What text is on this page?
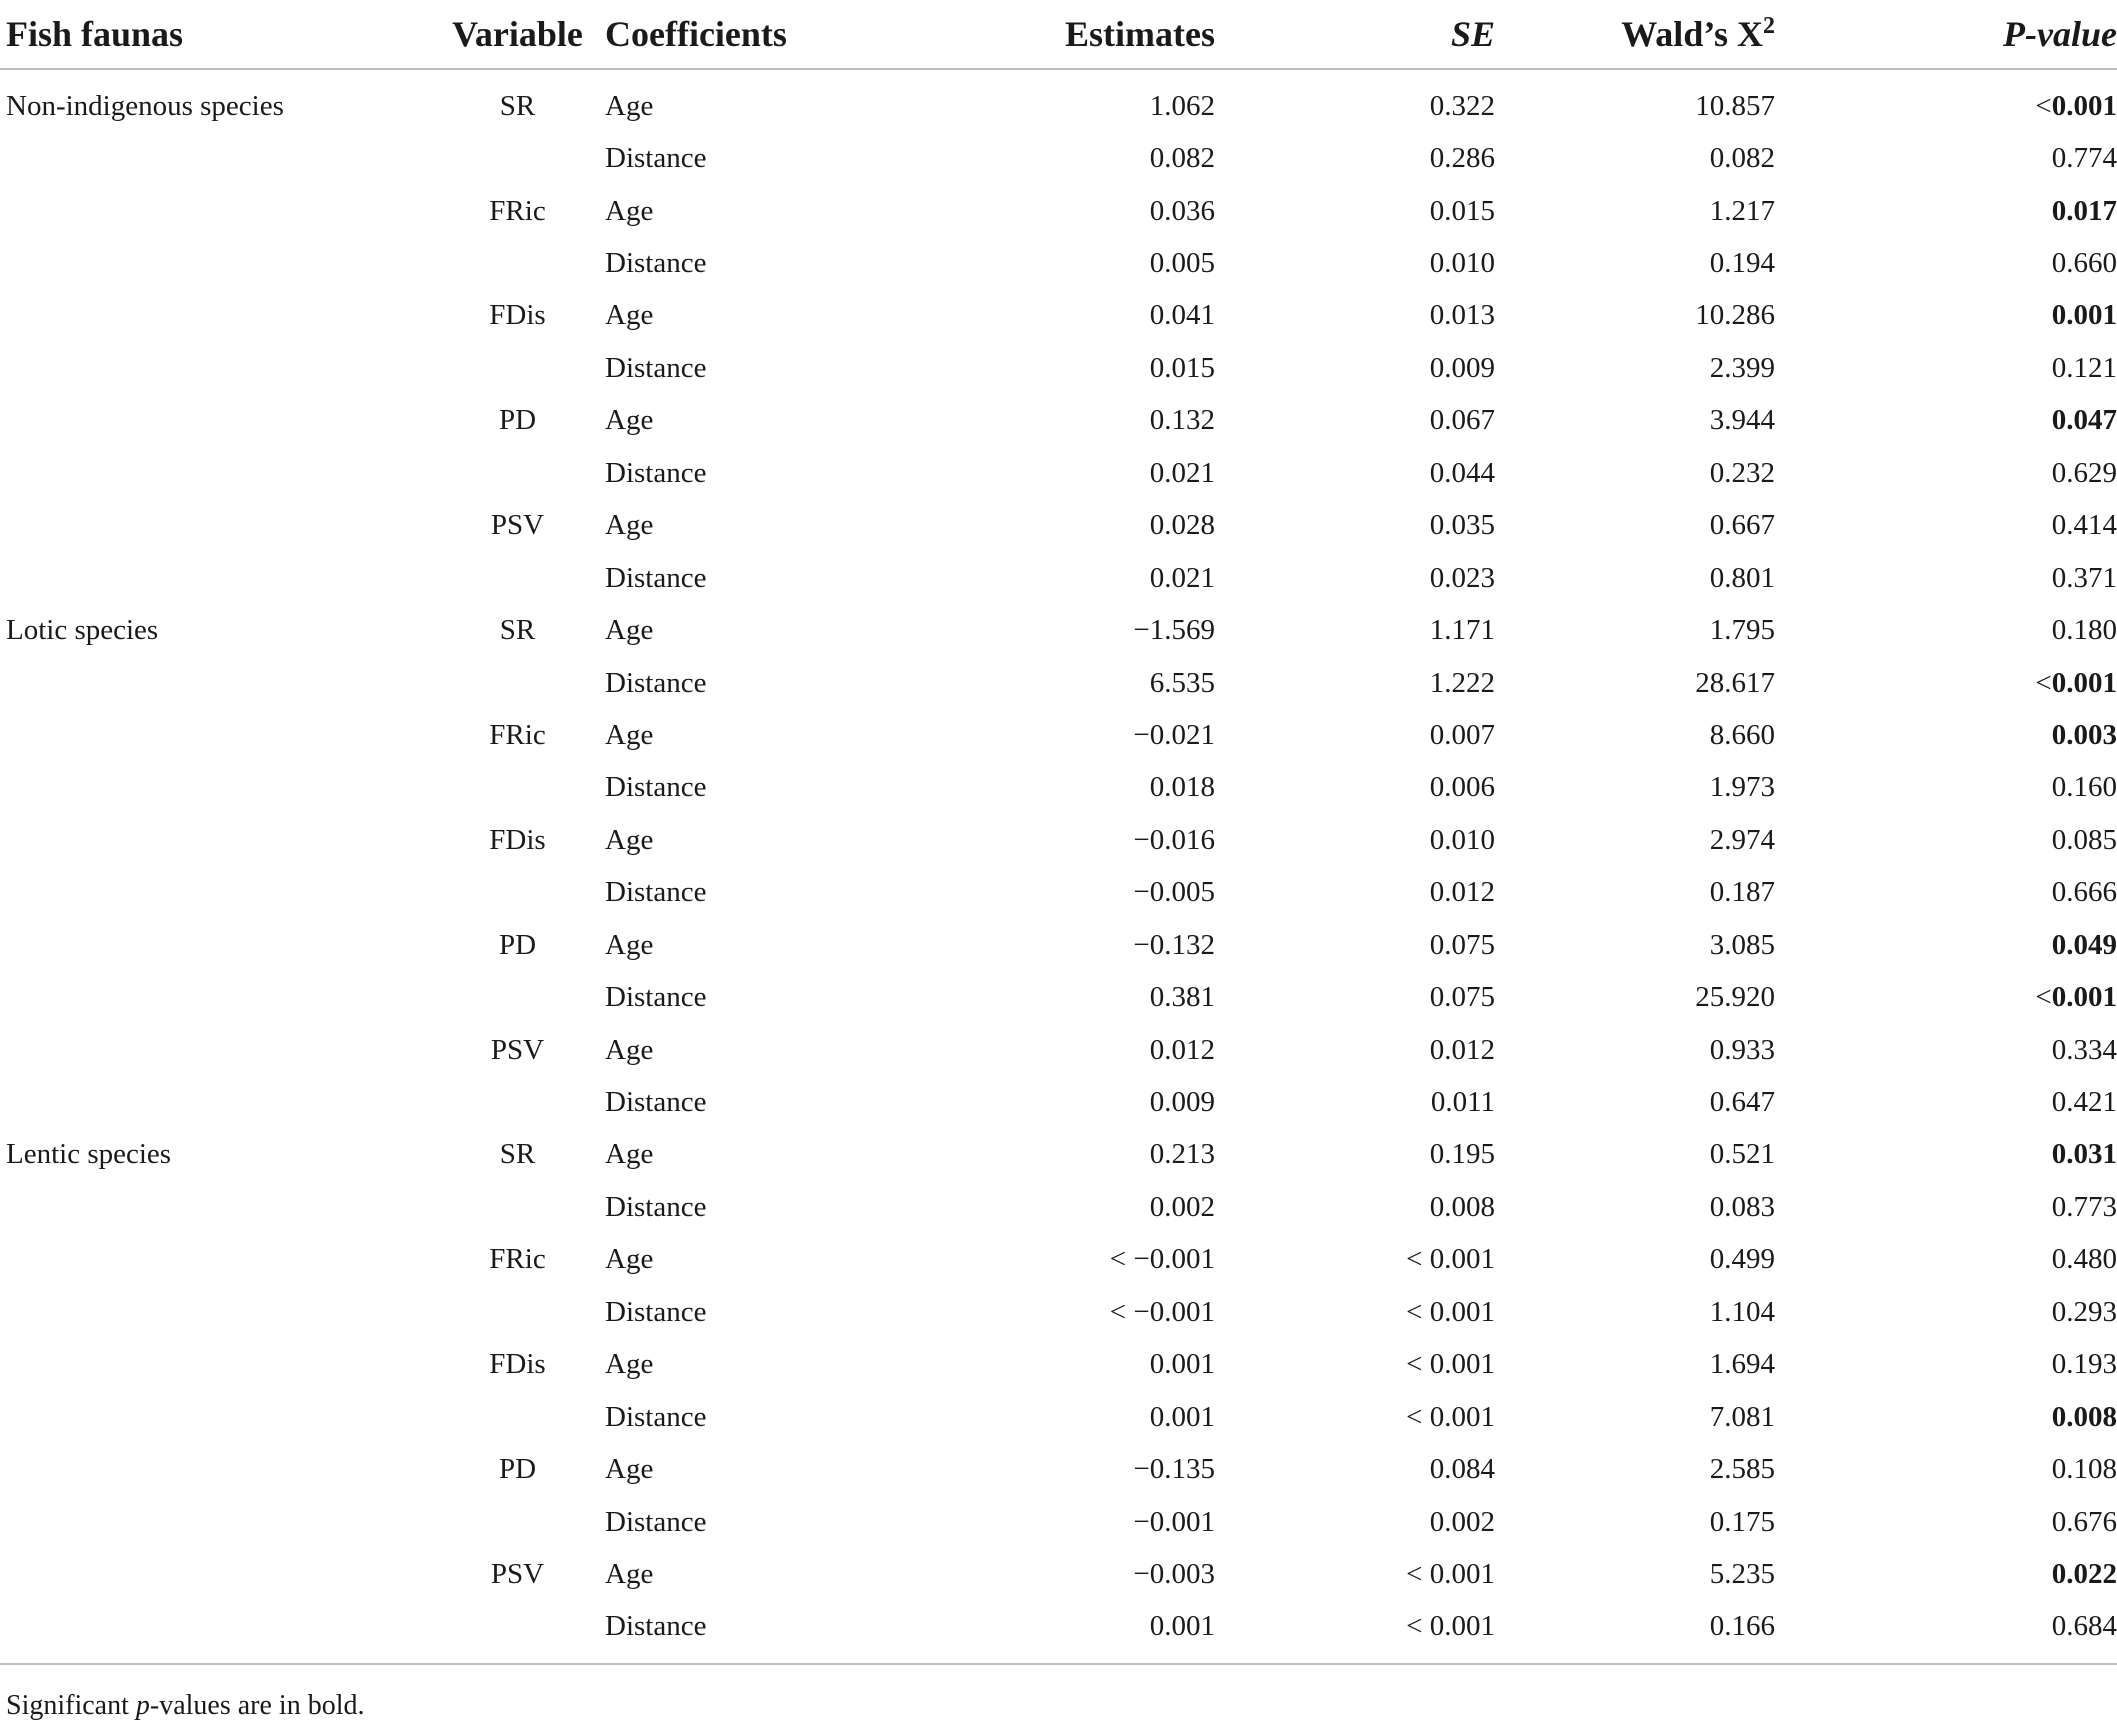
Fish faunas	Variable	Coefficients	Estimates	SE	Wald’s $X^2$	P-value
Non-indigenous species	SR	Age	1.062	0.322	10.857	<0.001
		Distance	0.082	0.286	0.082	0.774
	FRic	Age	0.036	0.015	1.217	0.017
		Distance	0.005	0.010	0.194	0.660
	FDis	Age	0.041	0.013	10.286	0.001
		Distance	0.015	0.009	2.399	0.121
	PD	Age	0.132	0.067	3.944	0.047
		Distance	0.021	0.044	0.232	0.629
	PSV	Age	0.028	0.035	0.667	0.414
		Distance	0.021	0.023	0.801	0.371
Lotic species	SR	Age	−1.569	1.171	1.795	0.180
		Distance	6.535	1.222	28.617	<0.001
	FRic	Age	−0.021	0.007	8.660	0.003
		Distance	0.018	0.006	1.973	0.160
	FDis	Age	−0.016	0.010	2.974	0.085
		Distance	−0.005	0.012	0.187	0.666
	PD	Age	−0.132	0.075	3.085	0.049
		Distance	0.381	0.075	25.920	<0.001
	PSV	Age	0.012	0.012	0.933	0.334
		Distance	0.009	0.011	0.647	0.421
Lentic species	SR	Age	0.213	0.195	0.521	0.031
		Distance	0.002	0.008	0.083	0.773
	FRic	Age	< −0.001	< 0.001	0.499	0.480
		Distance	< −0.001	< 0.001	1.104	0.293
	FDis	Age	0.001	< 0.001	1.694	0.193
		Distance	0.001	< 0.001	7.081	0.008
	PD	Age	−0.135	0.084	2.585	0.108
		Distance	−0.001	0.002	0.175	0.676
	PSV	Age	−0.003	< 0.001	5.235	0.022
		Distance	0.001	< 0.001	0.166	0.684
Significant p-values are in bold.
